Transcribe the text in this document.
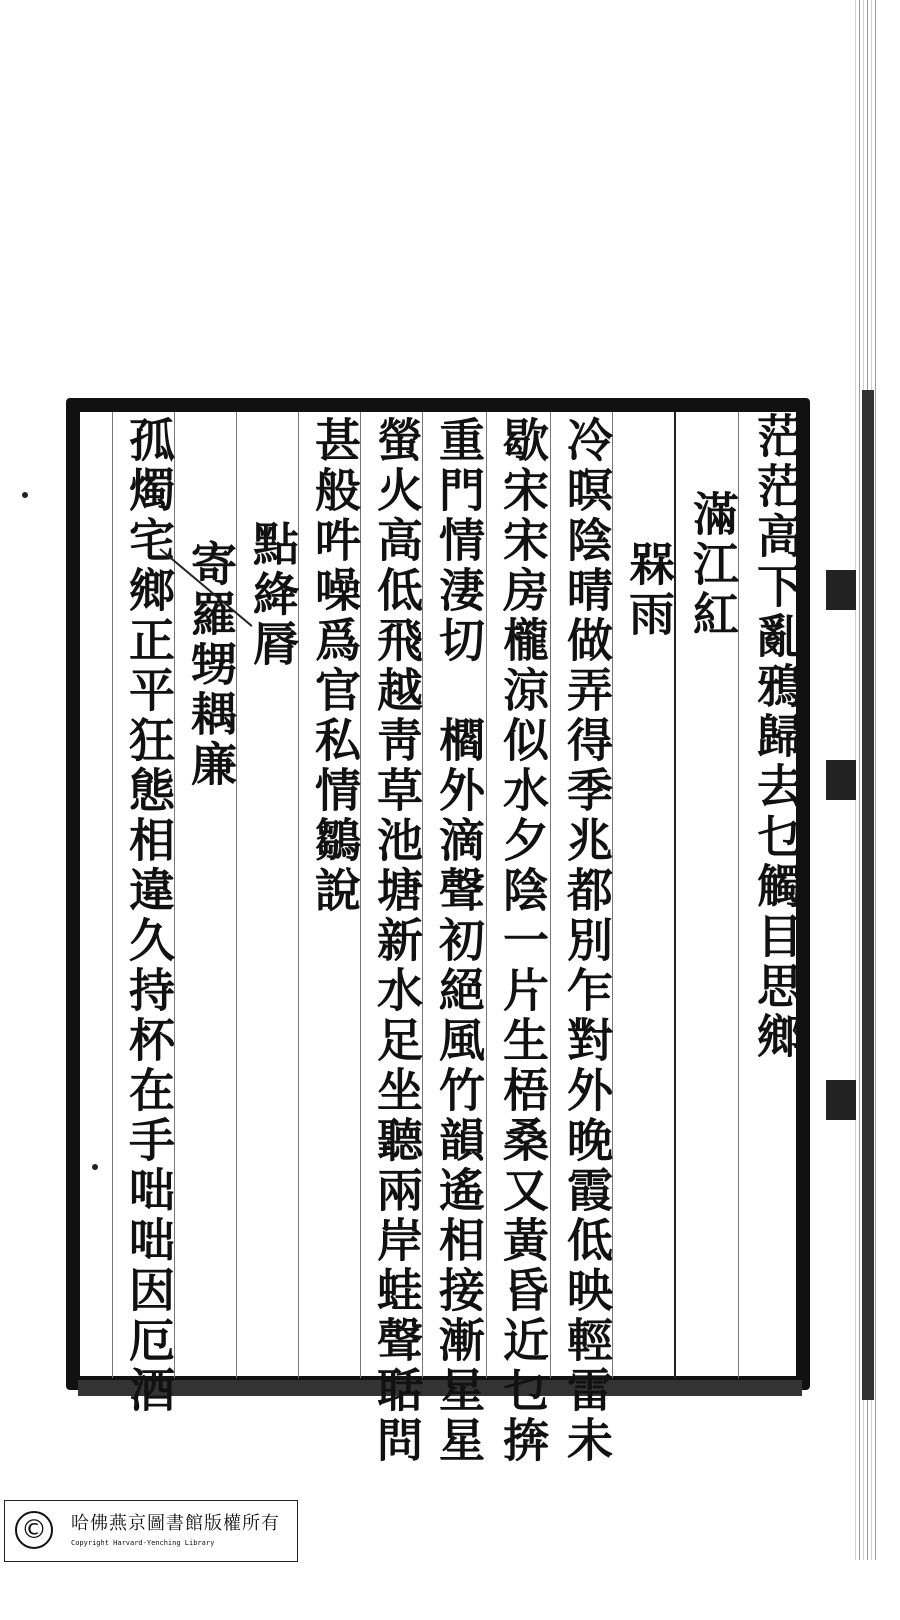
茫茫高下亂鴉歸去乜觸目思鄉
滿江紅
槑雨
冷暝陰晴做弄得季兆都別乍對外晚霞低映輕雷未
歇宋宋房櫳涼似水夕陰一片生梧桑又黃昏近乜捹
重門情淒切　櫩外滴聲初絕風竹韻遙相接漸星星
螢火高低飛越靑草池塘新水足坐聽兩岸蛙聲聒問
甚般吽噪爲官私情鶵說
點絳脣
寄羅甥耦廉
孤燭宅鄉正平狂態相違久持杯在手咄咄因厄酒
©	哈佛燕京圖書館版權所有
Copyright Harvard-Yenching Library
